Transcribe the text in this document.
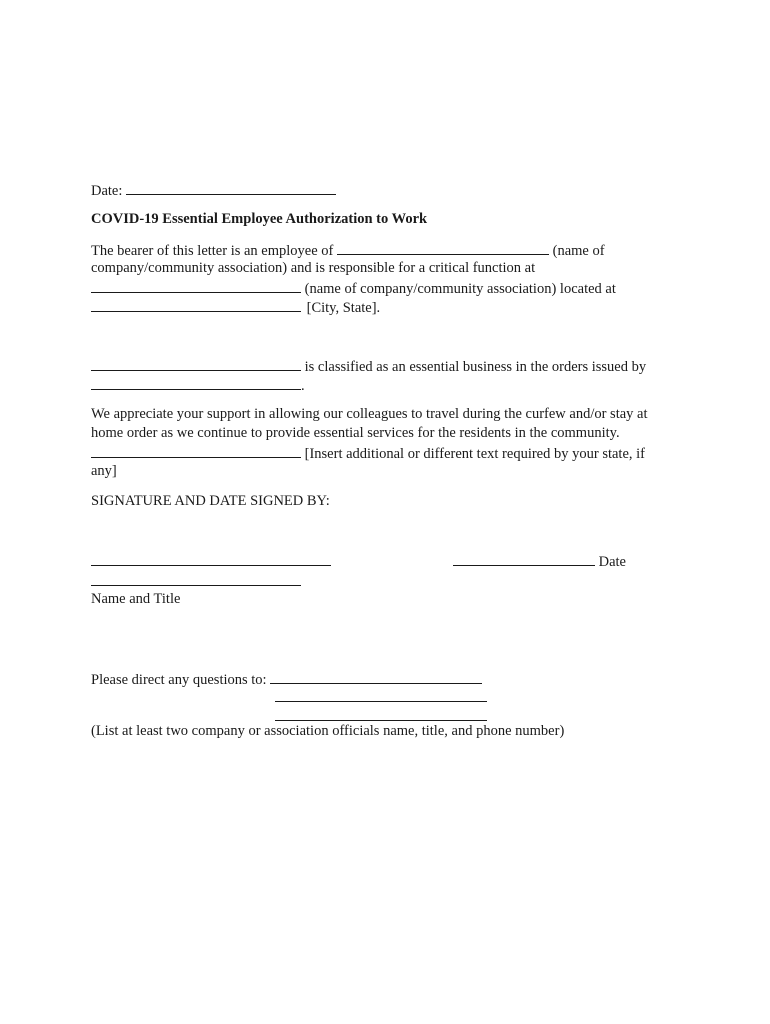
Date:
COVID-19 Essential Employee Authorization to Work
The bearer of this letter is an employee of	(name of
company/community association) and is responsible for a critical function at
(name of company/community association) located at
[City, State].
is classified as an essential business in the orders issued by
.
We appreciate your support in allowing our colleagues to travel during the curfew and/or stay at
home order as we continue to provide essential services for the residents in the community.
[Insert additional or different text required by your state, if
any]
SIGNATURE AND DATE SIGNED BY:
Date
Name and Title
Please direct any questions to:
(List at least two company or association officials name, title, and phone number)
